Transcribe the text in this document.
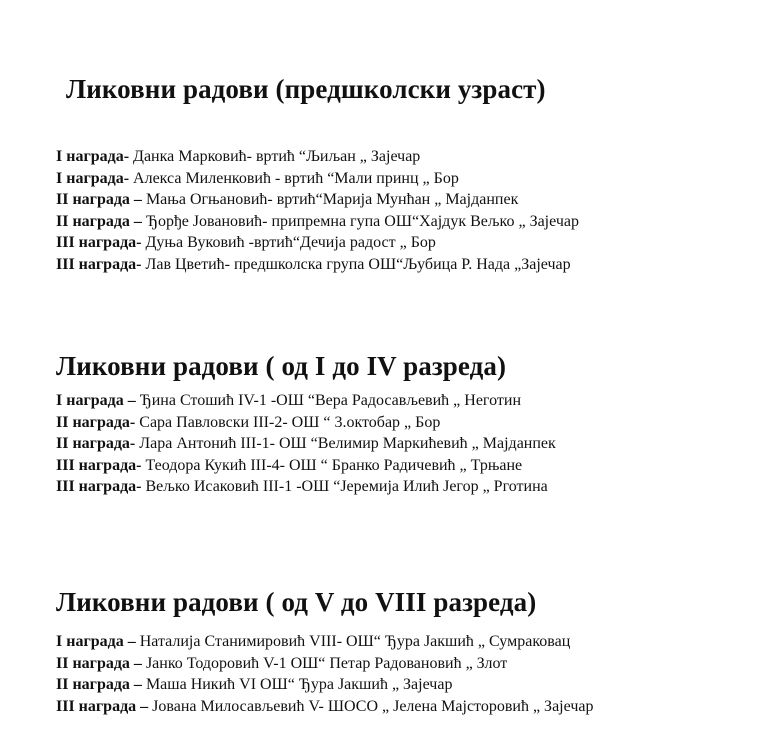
Ликовни радови (предшколски узраст)
I награда- Данка Марковић- вртић “Љиљан „ Зајечар
I награда- Алекса Миленковић - вртић “Мали принц „ Бор
II награда – Мања Огњановић- вртић“Марија Мунћан „ Мајданпек
II награда – Ђорђе Јовановић- припремна гупа ОШ“Хајдук Вељко „ Зајечар
III награда- Дуња Вуковић -вртић“Дечија радост „ Бор
III награда- Лав Цветић- предшколска група ОШ“Љубица Р. Нада „Зајечар
Ликовни радови ( од I до IV разреда)
I награда – Ђина Стошић IV-1 -ОШ “Вера Радосављевић „ Неготин
II награда- Сара Павловски III-2- ОШ “ 3.октобар „ Бор
II награда- Лара Антонић III-1- ОШ “Велимир Маркићевић „ Мајданпек
III награда- Теодора Кукић III-4- ОШ “ Бранко Радичевић „ Трњане
III награда- Вељко Исаковић III-1 -ОШ “Јеремија Илић Јегор „ Рготина
Ликовни радови ( од V до VIII разреда)
I награда – Наталија Станимировић VIII- ОШ“ Ђура Јакшић „ Сумраковац
II награда – Јанко Тодоровић V-1 ОШ“ Петар Радовановић „ Злот
II награда – Маша Никић VI ОШ“ Ђура Јакшић „ Зајечар
III награда – Јована Милосављевић V- ШОСО „ Јелена Мајсторовић „ Зајечар
